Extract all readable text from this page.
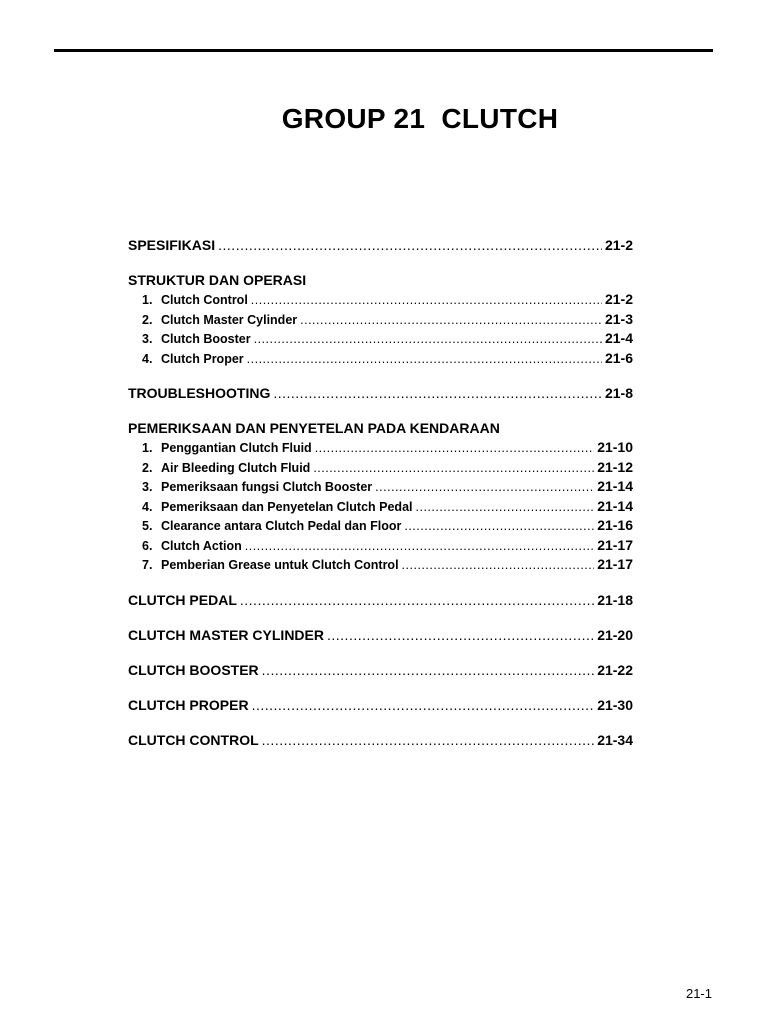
GROUP 21  CLUTCH
SPESIFIKASI .....	21-2
STRUKTUR DAN OPERASI
1. Clutch Control .....	21-2
2. Clutch Master Cylinder .....	21-3
3. Clutch Booster .....	21-4
4. Clutch Proper .....	21-6
TROUBLESHOOTING .....	21-8
PEMERIKSAAN DAN PENYETELAN PADA KENDARAAN
1. Penggantian Clutch Fluid .....	21-10
2. Air Bleeding Clutch Fluid .....	21-12
3. Pemeriksaan fungsi Clutch Booster .....	21-14
4. Pemeriksaan dan Penyetelan Clutch Pedal .....	21-14
5. Clearance antara Clutch Pedal dan Floor .....	21-16
6. Clutch Action .....	21-17
7. Pemberian Grease untuk Clutch Control .....	21-17
CLUTCH PEDAL .....	21-18
CLUTCH MASTER CYLINDER .....	21-20
CLUTCH BOOSTER .....	21-22
CLUTCH PROPER .....	21-30
CLUTCH CONTROL .....	21-34
21-1
